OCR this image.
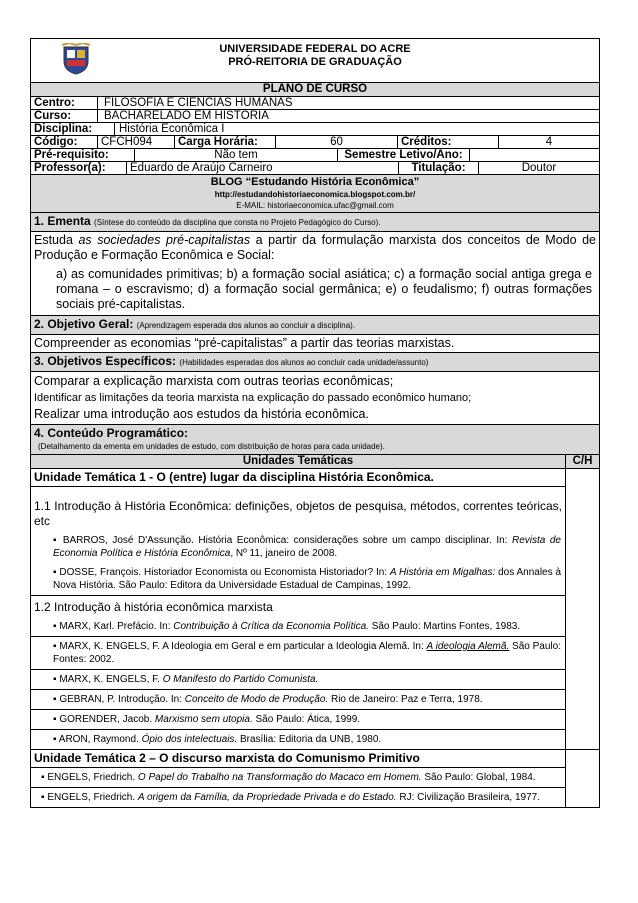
UNIVERSIDADE FEDERAL DO ACRE
PRÓ-REITORIA DE GRADUAÇÃO
PLANO DE CURSO
Centro:	FILOSOFIA E CIENCIAS HUMANAS
Curso:	BACHARELADO EM HISTÓRIA
Disciplina:	História Econômica I
Código:	CFCH094	Carga Horária:	60	Créditos:	4
Pré-requisito:	Não tem	Semestre Letivo/Ano:
Professor(a):	Eduardo de Araújo Carneiro	Titulação:	Doutor
BLOG “Estudando História Econômica”
http://estudandohistoriaeconomica.blogspot.com.br/
E-MAIL: historiaeconomica.ufac@gmail.com
1. Ementa (Síntese do conteúdo da disciplina que consta no Projeto Pedagógico do Curso).
Estuda as sociedades pré-capitalistas a partir da formulação marxista dos conceitos de Modo de Produção e Formação Econômica e Social:
a) as comunidades primitivas; b) a formação social asiática; c) a formação social antiga grega e romana – o escravismo; d) a formação social germânica; e) o feudalismo; f) outras formações sociais pré-capitalistas.
2. Objetivo Geral: (Aprendizagem esperada dos alunos ao concluir a disciplina).
Compreender as economias “pré-capitalistas” a partir das teorias marxistas.
3. Objetivos Específicos: (Habilidades esperadas dos alunos ao concluir cada unidade/assunto)
Comparar a explicação marxista com outras teorias econômicas;
Identificar as limitações da teoria marxista na explicação do passado econômico humano;
Realizar uma introdução aos estudos da história econômica.
4. Conteúdo Programático:
(Detalhamento da ementa em unidades de estudo, com distribuição de horas para cada unidade).
Unidades Temáticas	C/H
Unidade Temática 1 - O (entre) lugar da disciplina História Econômica.
1.1 Introdução à História Econômica: definições, objetos de pesquisa, métodos, correntes teóricas, etc
▪ BARROS, José D'Assunção. História Econômica: considerações sobre um campo disciplinar. In: Revista de Economia Política e História Econômica, Nº 11, janeiro de 2008.
▪ DOSSE, François. Historiador Economista ou Economista Historiador? In: A História em Migalhas: dos Annales à Nova História. São Paulo: Editora da Universidade Estadual de Campinas, 1992.
1.2 Introdução à história econômica marxista
▪ MARX, Karl. Prefácio. In: Contribuição à Crítica da Economia Política. São Paulo: Martins Fontes, 1983.
▪ MARX, K. ENGELS, F. A Ideologia em Geral e em particular a Ideologia Alemã. In: A ideologia Alemã. São Paulo: Fontes: 2002.
▪ MARX, K. ENGELS, F. O Manifesto do Partido Comunista.
▪ GEBRAN, P. Introdução. In: Conceito de Modo de Produção. Rio de Janeiro: Paz e Terra, 1978.
▪ GORENDER, Jacob. Marxismo sem utopia. São Paulo: Ática, 1999.
▪ ARON, Raymond. Ópio dos intelectuais. Brasília: Editoria da UNB, 1980.
Unidade Temática 2 – O discurso marxista do Comunismo Primitivo
▪ ENGELS, Friedrich. O Papel do Trabalho na Transformação do Macaco em Homem. São Paulo: Global, 1984.
▪ ENGELS, Friedrich. A origem da Família, da Propriedade Privada e do Estado. RJ: Civilização Brasileira, 1977.
